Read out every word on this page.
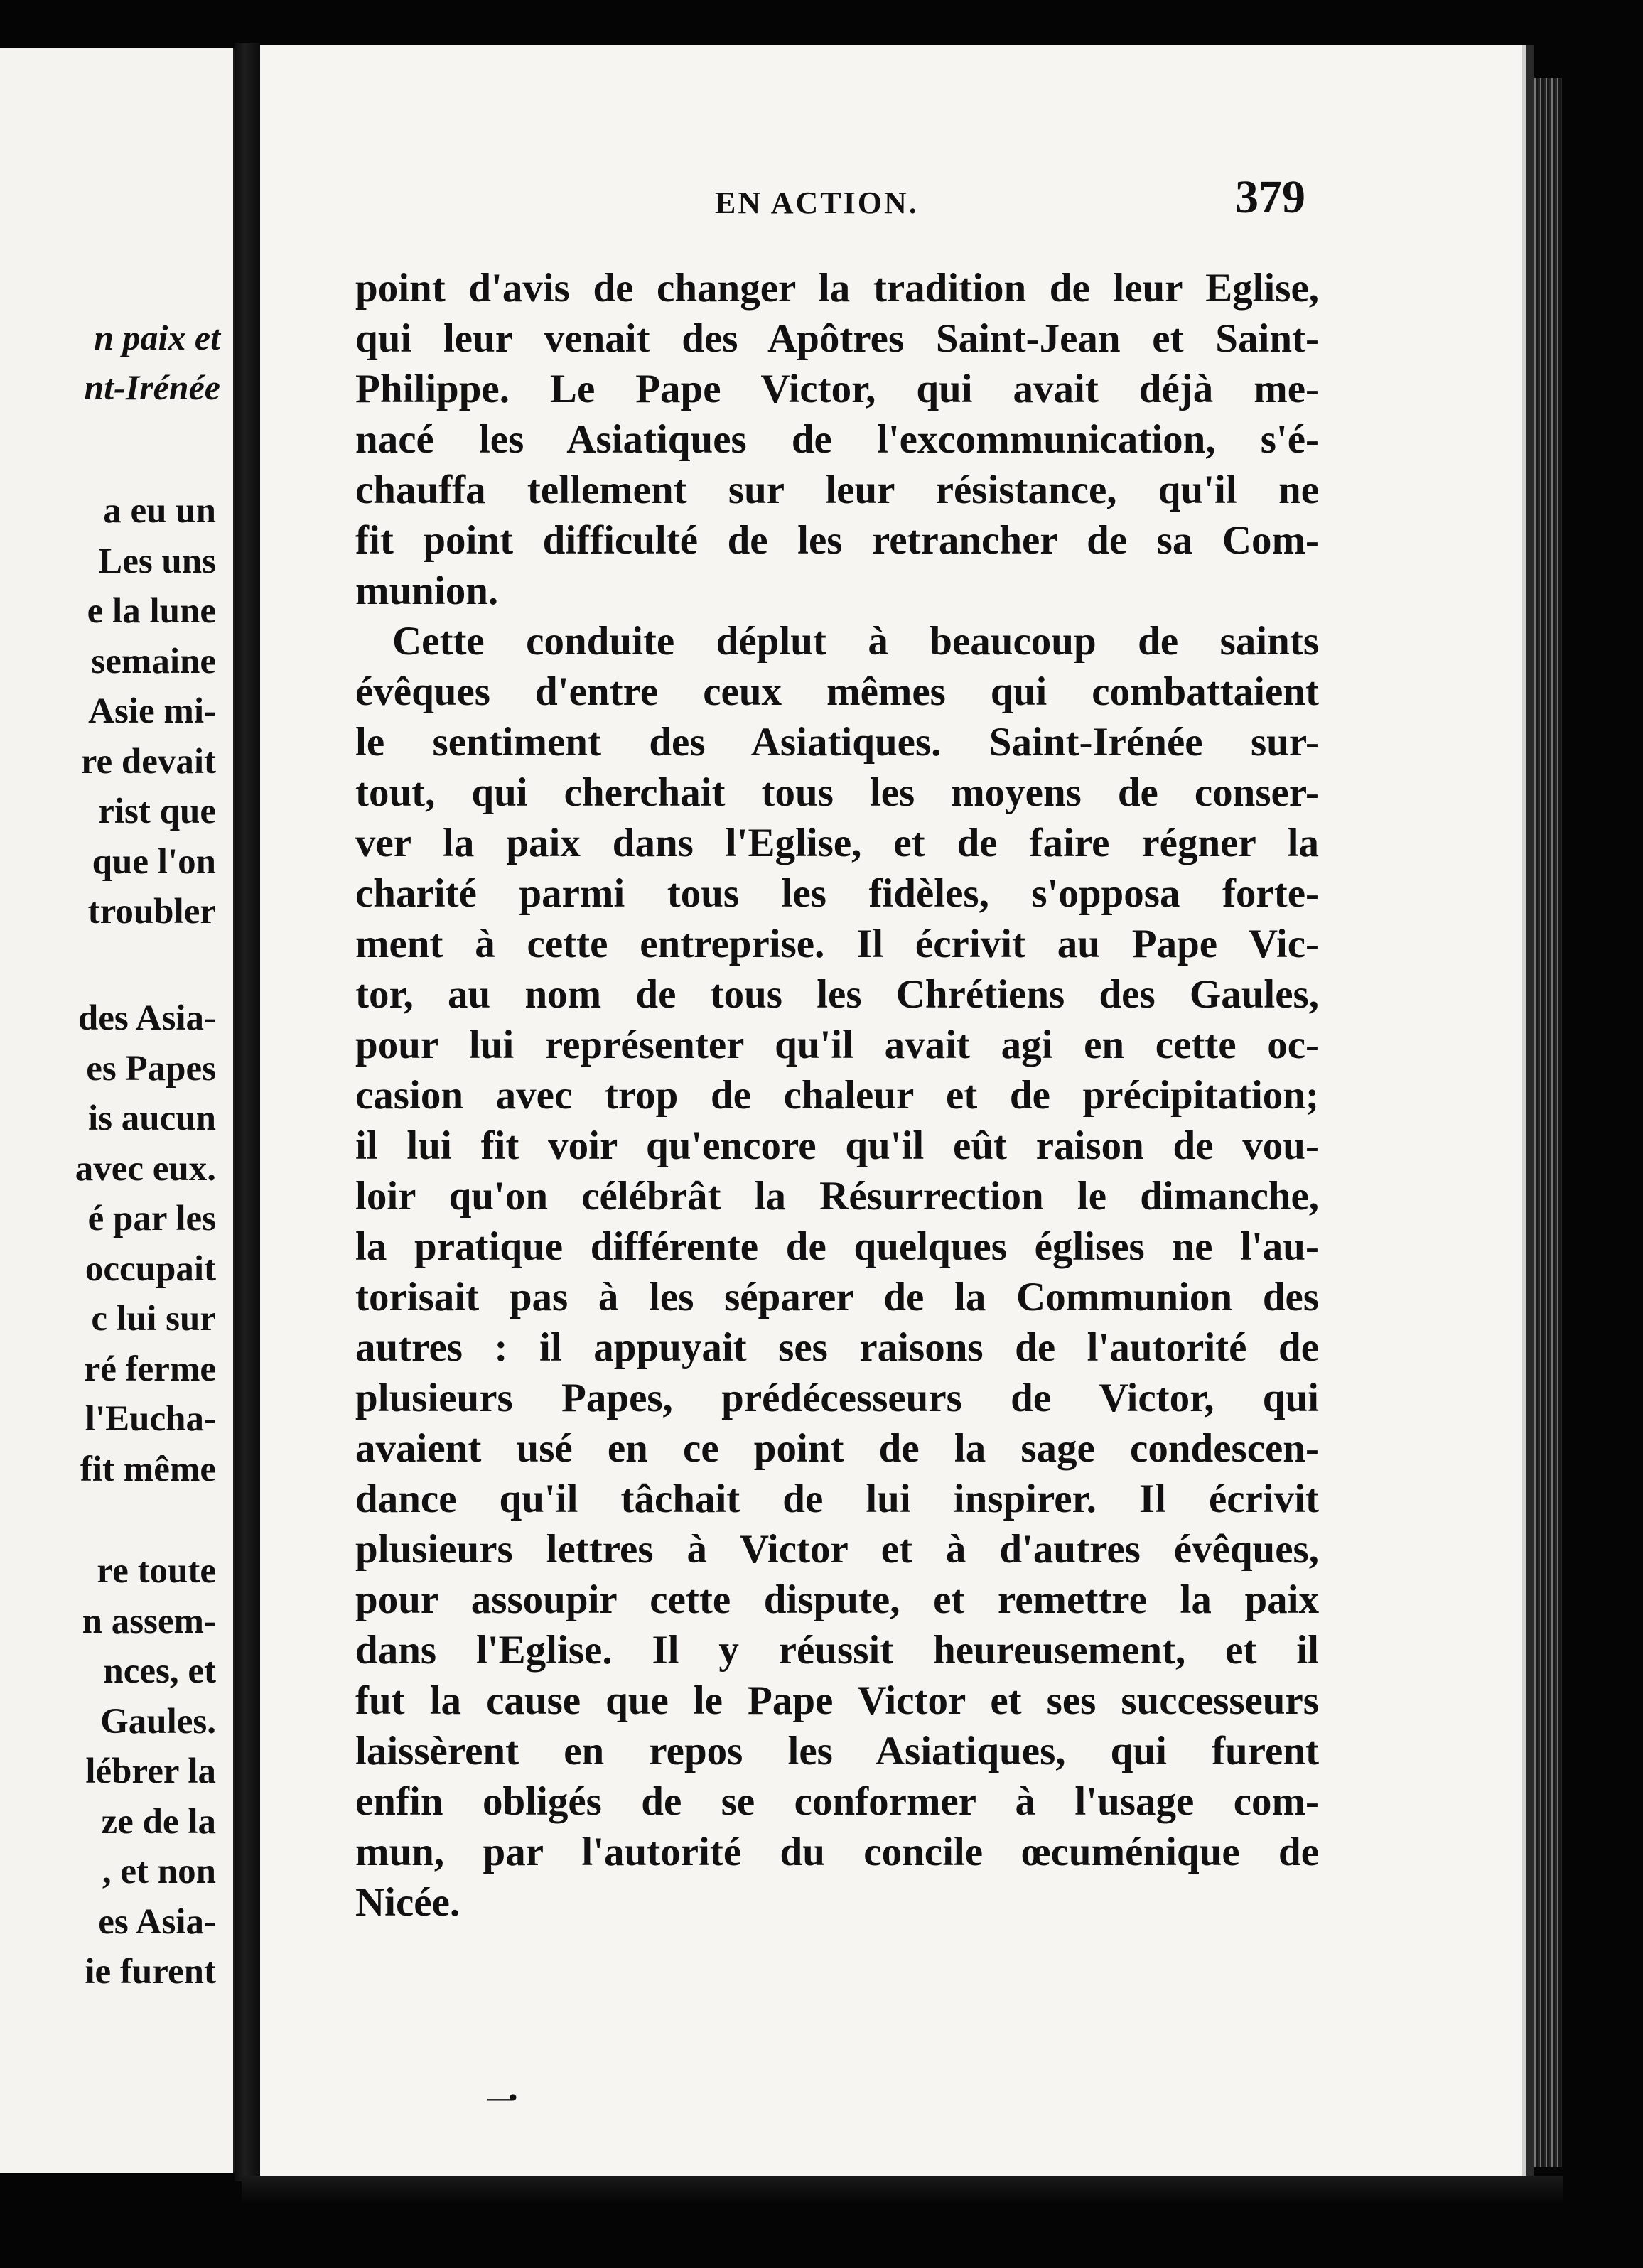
n paix et
nt-Irénée
a eu un
Les uns
e la lune
semaine
Asie mi-
re devait
rist que
que l'on
troubler
des Asia-
es Papes
is aucun
avec eux.
é par les
occupait
c lui sur
ré ferme
l'Eucha-
fit même
re toute
n assem-
nces, et
Gaules.
lébrer la
ze de la
, et non
es Asia-
ie furent
EN ACTION.	379
point d'avis de changer la tradition de leur Eglise,
qui leur venait des Apôtres Saint-Jean et Saint-
Philippe. Le Pape Victor, qui avait déjà me-
nacé les Asiatiques de l'excommunication, s'é-
chauffa tellement sur leur résistance, qu'il ne
fit point difficulté de les retrancher de sa Com-
munion.
Cette conduite déplut à beaucoup de saints
évêques d'entre ceux mêmes qui combattaient
le sentiment des Asiatiques. Saint-Irénée sur-
tout, qui cherchait tous les moyens de conser-
ver la paix dans l'Eglise, et de faire régner la
charité parmi tous les fidèles, s'opposa forte-
ment à cette entreprise. Il écrivit au Pape Vic-
tor, au nom de tous les Chrétiens des Gaules,
pour lui représenter qu'il avait agi en cette oc-
casion avec trop de chaleur et de précipitation;
il lui fit voir qu'encore qu'il eût raison de vou-
loir qu'on célébrât la Résurrection le dimanche,
la pratique différente de quelques églises ne l'au-
torisait pas à les séparer de la Communion des
autres : il appuyait ses raisons de l'autorité de
plusieurs Papes, prédécesseurs de Victor, qui
avaient usé en ce point de la sage condescen-
dance qu'il tâchait de lui inspirer. Il écrivit
plusieurs lettres à Victor et à d'autres évêques,
pour assoupir cette dispute, et remettre la paix
dans l'Eglise. Il y réussit heureusement, et il
fut la cause que le Pape Victor et ses successeurs
laissèrent en repos les Asiatiques, qui furent
enfin obligés de se conformer à l'usage com-
mun, par l'autorité du concile œcuménique de
Nicée.
—•
